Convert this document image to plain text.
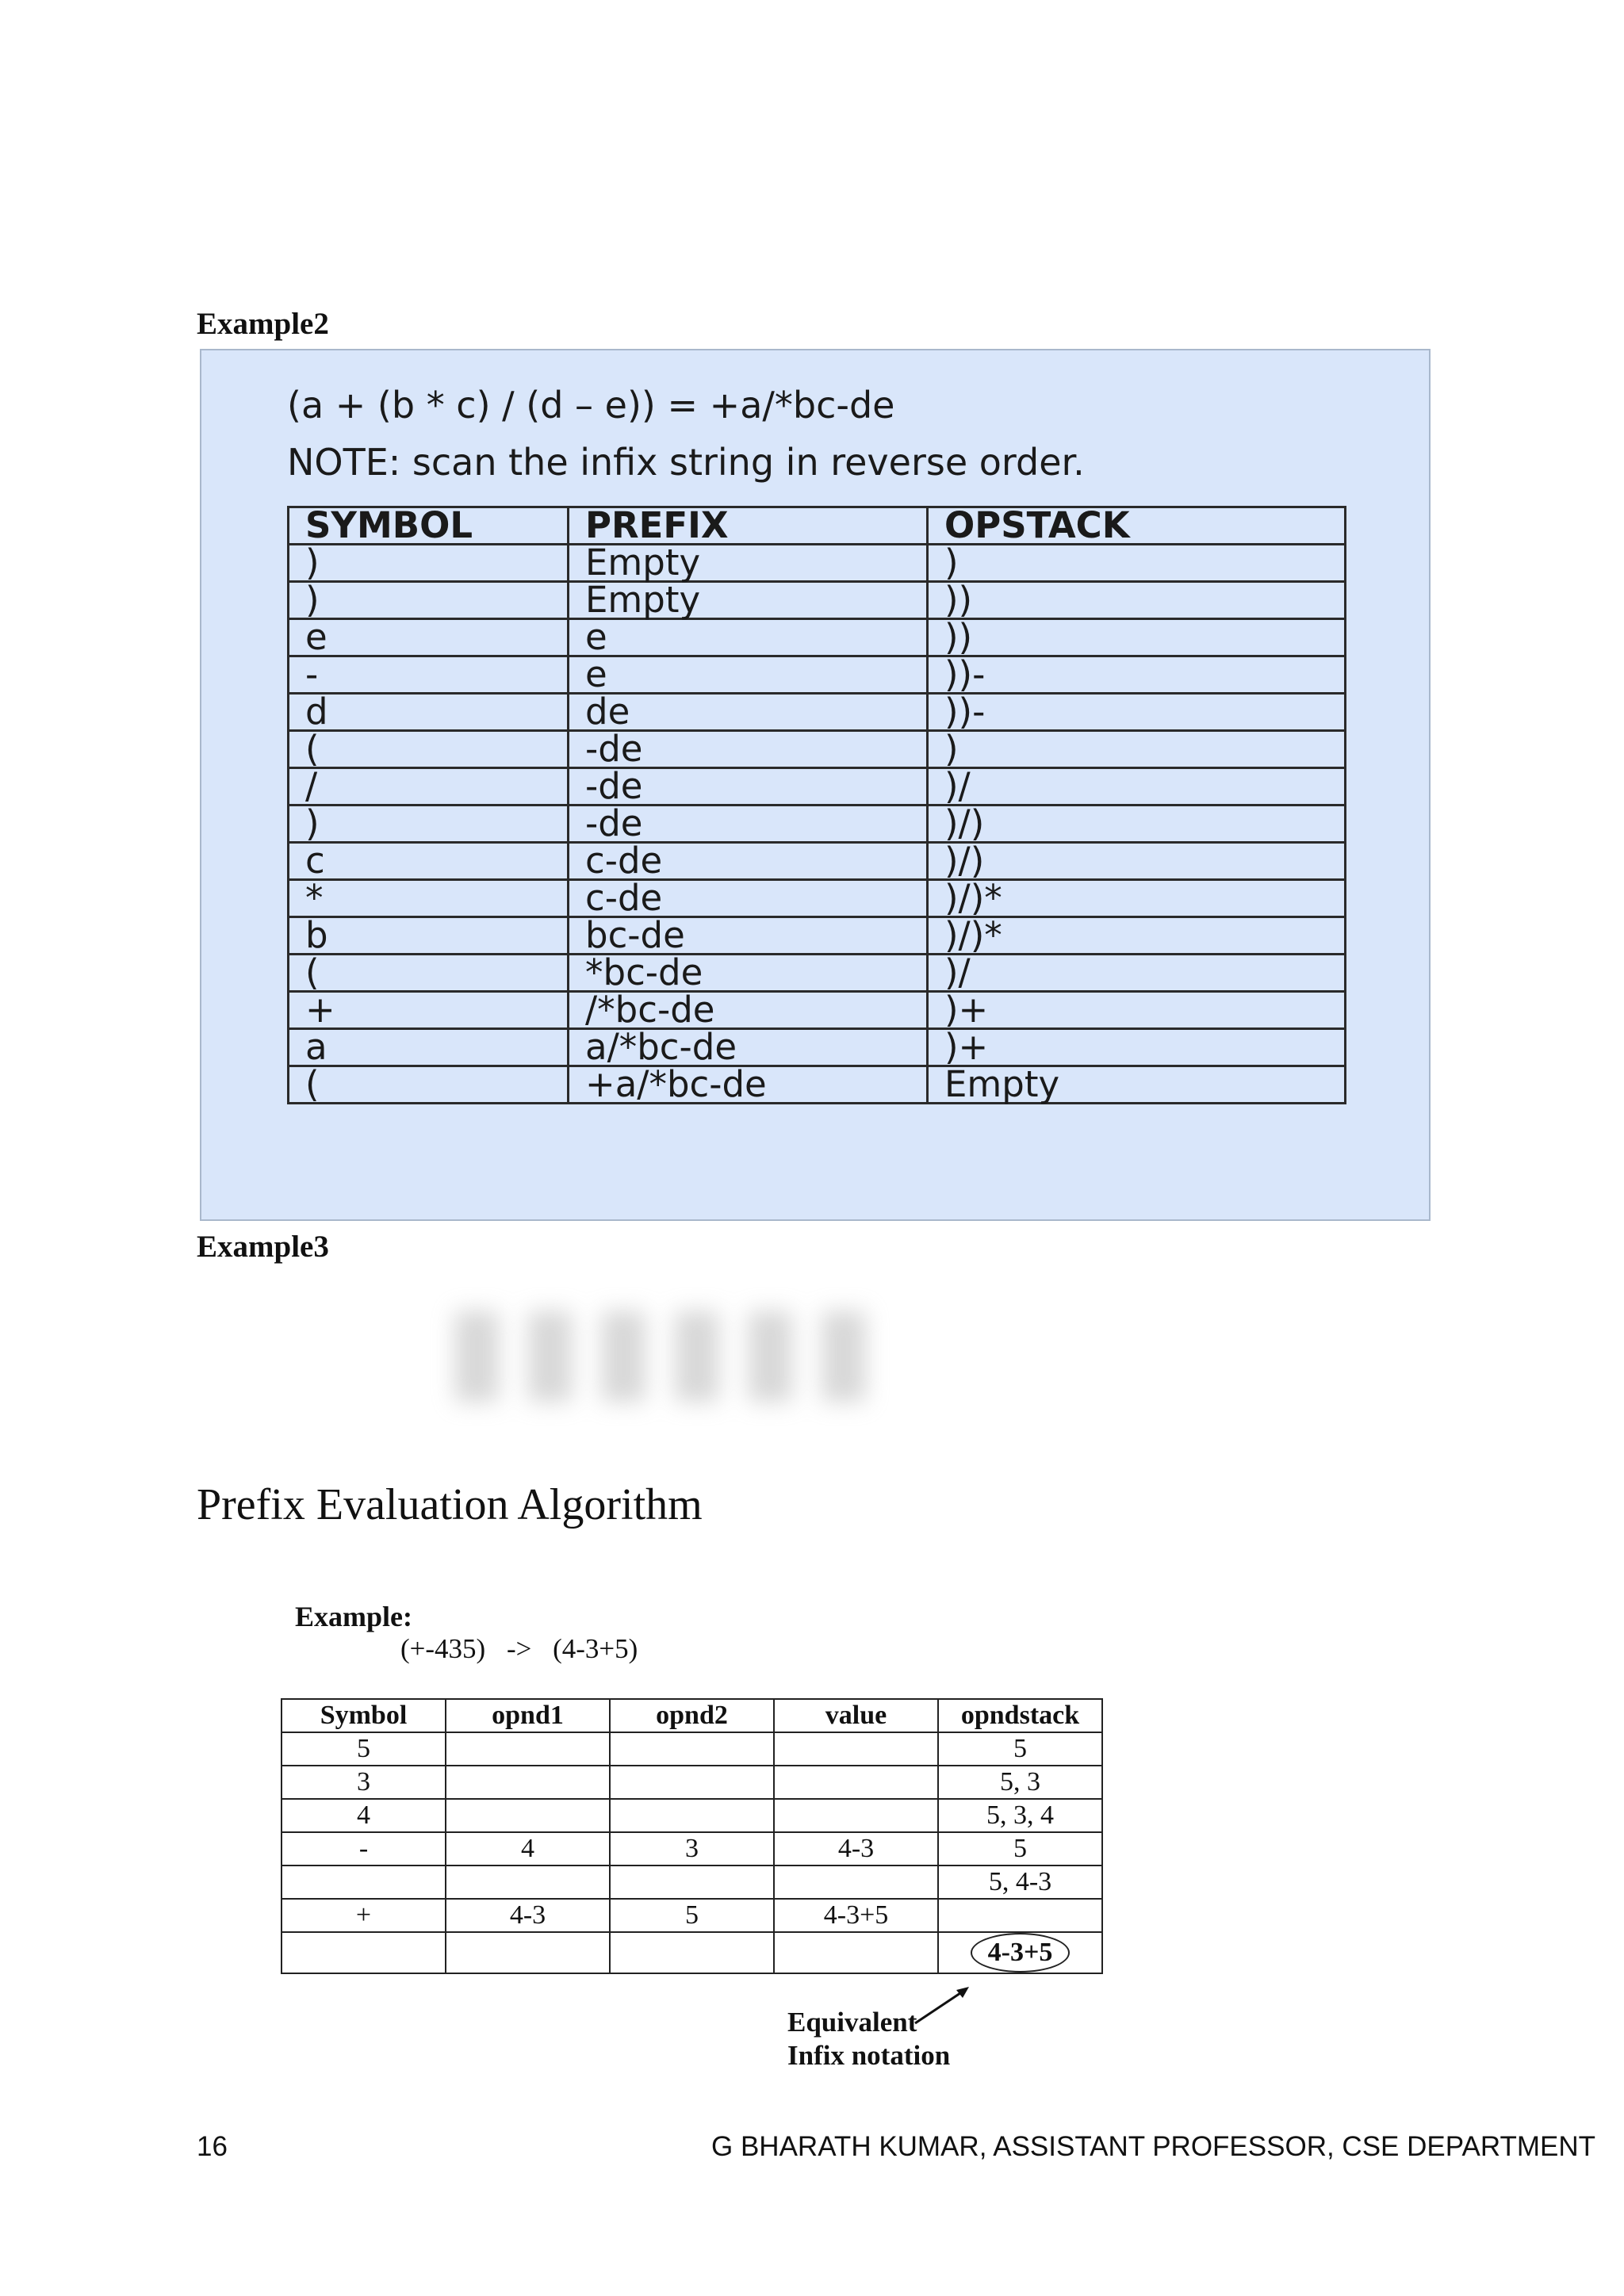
Example2
(a + (b * c) / (d – e)) = +a/*bc-de
NOTE: scan the infix string in reverse order.
SYMBOL	PREFIX	OPSTACK
)	Empty	)
)	Empty	))
e	e	))
-	e	))-
d	de	))-
(	-de	)
/	-de	)/
)	-de	)/)
c	c-de	)/)
*	c-de	)/)*
b	bc-de	)/)*
(	*bc-de	)/
+	/*bc-de	)+
a	a/*bc-de	)+
(	+a/*bc-de	Empty
Example3
▮▮▮▮▮▮
Prefix Evaluation Algorithm
Example:
(+-435) -> (4-3+5)
Symbol	opnd1	opnd2	value	opndstack
5				5
3				5, 3
4				5, 3, 4
-	4	3	4-3	5
				5, 4-3
+	4-3	5	4-3+5	
				4-3+5
Equivalent
Infix notation
16	G BHARATH KUMAR, ASSISTANT PROFESSOR, CSE DEPARTMENT
